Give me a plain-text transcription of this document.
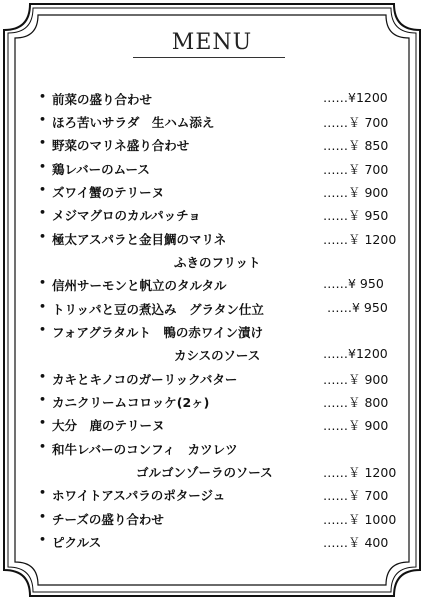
MENU
• 前菜の盛り合わせ	……¥1200
• ほろ苦いサラダ　生ハム添え	……￥ 700
• 野菜のマリネ盛り合わせ	……￥ 850
• 鶏レバーのムース	……￥ 700
• ズワイ蟹のテリーヌ	……￥ 900
• メジマグロのカルパッチョ	……￥ 950
• 極太アスパラと金目鯛のマリネ	……￥ 1200
ふきのフリット
• 信州サーモンと帆立のタルタル	……¥ 950
• トリッパと豆の煮込み　グラタン仕立	……¥ 950
• フォアグラタルト　鴨の赤ワイン漬け
カシスのソース	……¥1200
• カキとキノコのガーリックバター	……￥ 900
• カニクリームコロッケ(2ヶ)	……￥ 800
• 大分　鹿のテリーヌ	……￥ 900
• 和牛レバーのコンフィ　カツレツ
ゴルゴンゾーラのソース	……￥ 1200
• ホワイトアスパラのポタージュ	……￥ 700
• チーズの盛り合わせ	……￥ 1000
• ピクルス	……￥ 400
